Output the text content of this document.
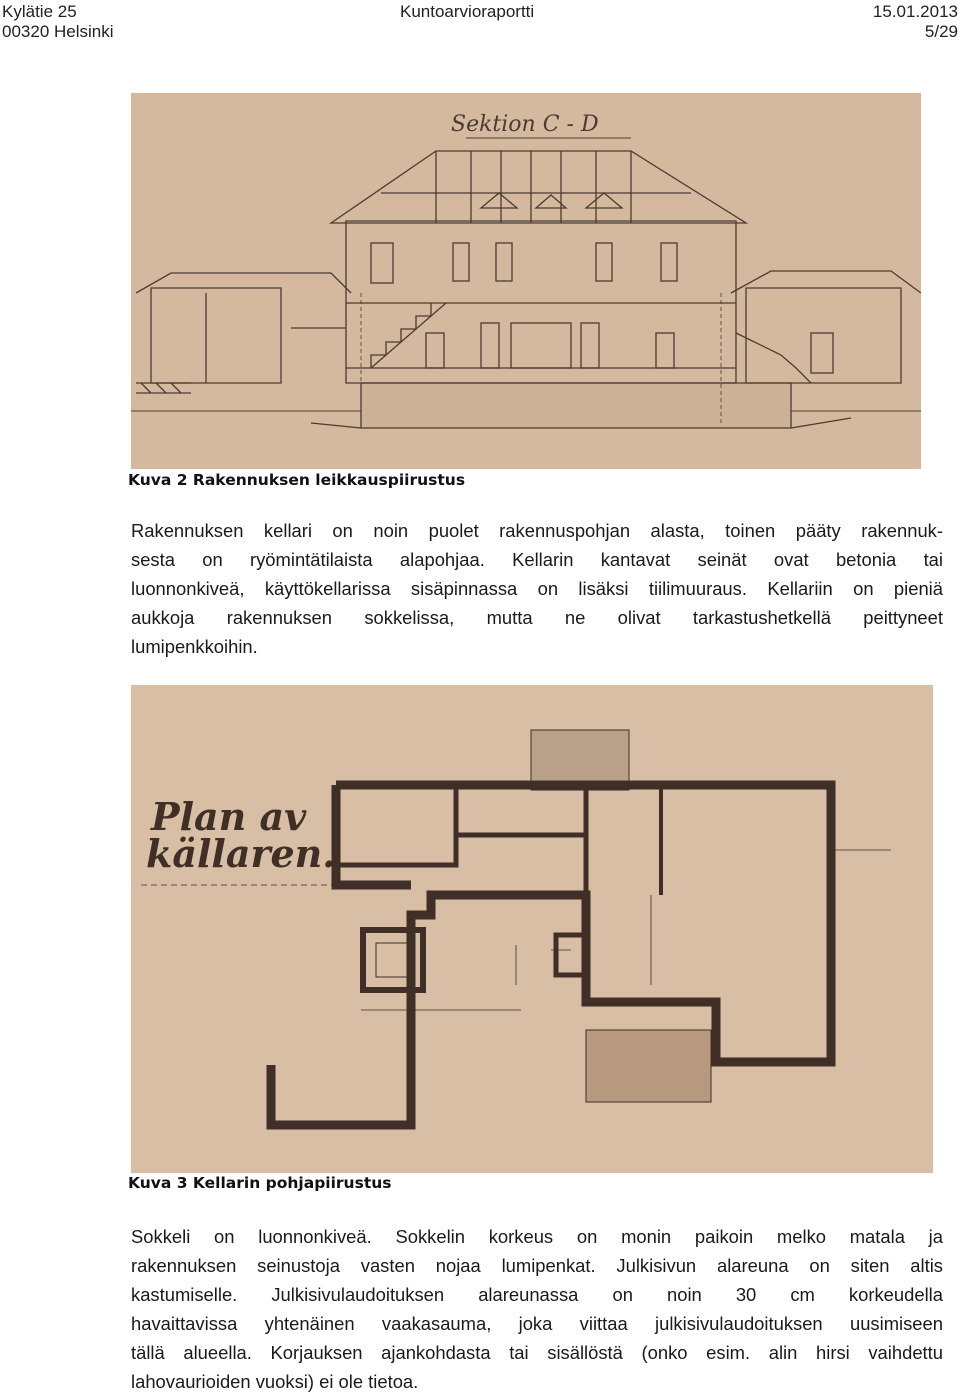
Kylätie 25
00320 Helsinki
Kuntoarvioraportti	15.01.2013
5/29
Sektion C - D
Kuva 2 Rakennuksen leikkauspiirustus
Rakennuksen kellari on noin puolet rakennuspohjan alasta, toinen pääty rakennuk-
sesta on ryömintätilaista alapohjaa. Kellarin kantavat seinät ovat betonia tai
luonnonkiveä, käyttökellarissa sisäpinnassa on lisäksi tiilimuuraus. Kellariin on pieniä
aukkoja rakennuksen sokkelissa, mutta ne olivat tarkastushetkellä peittyneet
lumipenkkoihin.
Plan av
källaren.
Kuva 3 Kellarin pohjapiirustus
Sokkeli on luonnonkiveä. Sokkelin korkeus on monin paikoin melko matala ja
rakennuksen seinustoja vasten nojaa lumipenkat. Julkisivun alareuna on siten altis
kastumiselle. Julkisivulaudoituksen alareunassa on noin 30 cm korkeudella
havaittavissa yhtenäinen vaakasauma, joka viittaa julkisivulaudoituksen uusimiseen
tällä alueella. Korjauksen ajankohdasta tai sisällöstä (onko esim. alin hirsi vaihdettu
lahovaurioiden vuoksi) ei ole tietoa.
